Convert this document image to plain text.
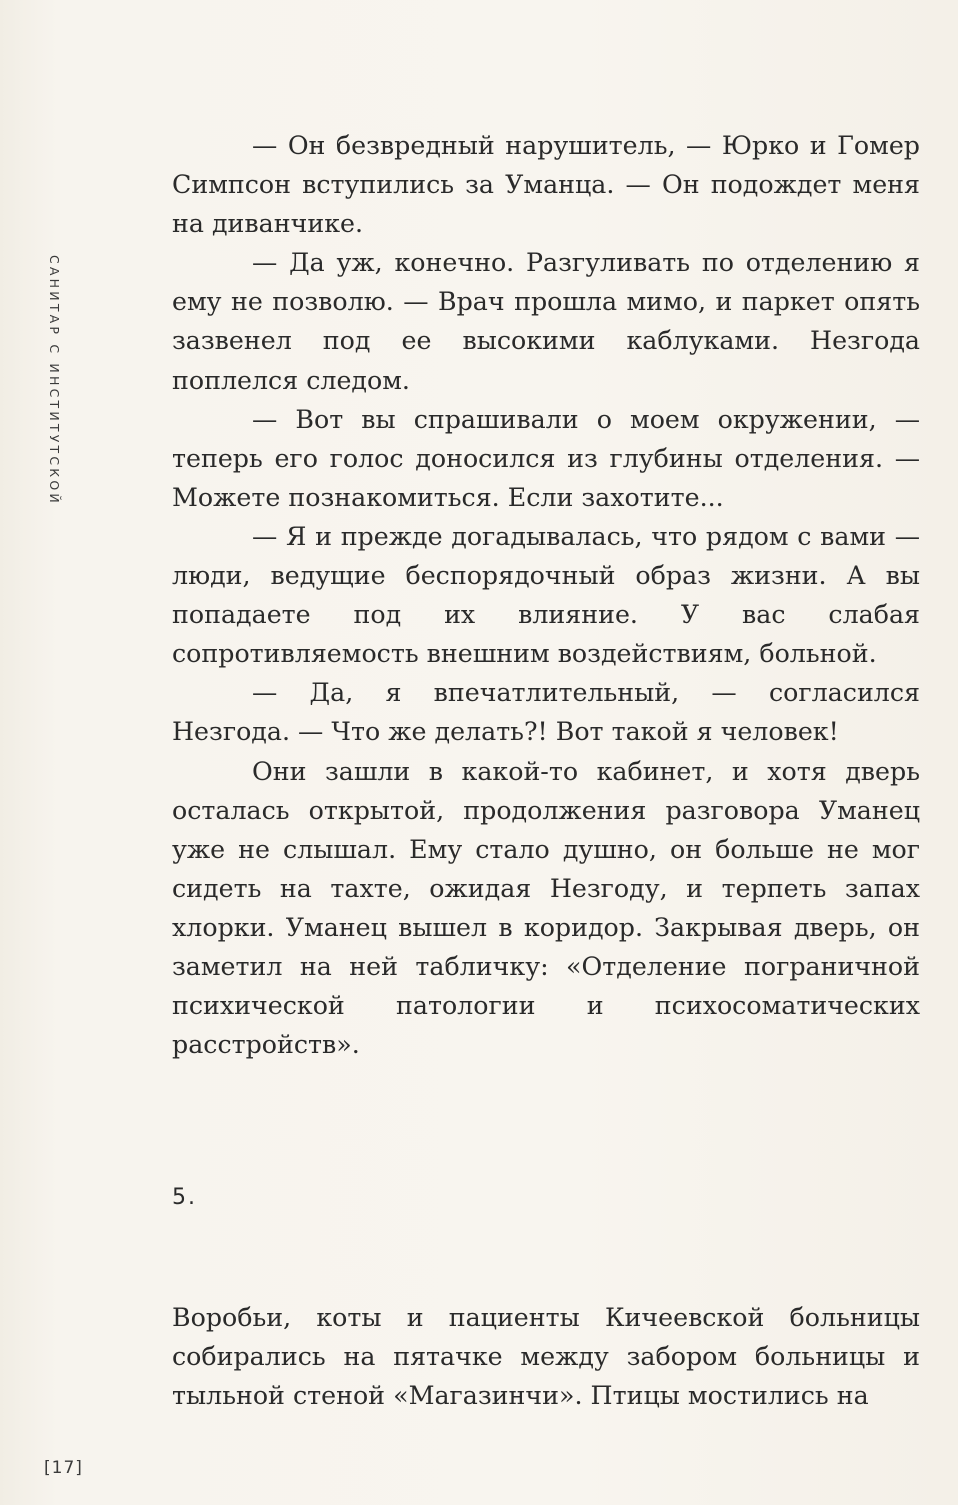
САНИТАР С ИНСТИТУТСКОЙ

— Он безвредный нарушитель, — Юрко и Гомер Симпсон вступились за Уманца. — Он подождет меня на диванчике.

— Да уж, конечно. Разгуливать по отделению я ему не позволю. — Врач прошла мимо, и паркет опять зазвенел под ее высокими каблуками. Незгода поплелся следом.

— Вот вы спрашивали о моем окружении, — теперь его голос доносился из глубины отделения. — Можете познакомиться. Если захотите...

— Я и прежде догадывалась, что рядом с вами — люди, ведущие беспорядочный образ жизни. А вы попадаете под их влияние. У вас слабая сопротивляемость внешним воздействиям, больной.

— Да, я впечатлительный, — согласился Незгода. — Что же делать?! Вот такой я человек!

Они зашли в какой-то кабинет, и хотя дверь осталась открытой, продолжения разговора Уманец уже не слышал. Ему стало душно, он больше не мог сидеть на тахте, ожидая Незгоду, и терпеть запах хлорки. Уманец вышел в коридор. Закрывая дверь, он заметил на ней табличку: «Отделение пограничной психической патологии и психосоматических расстройств».

5.

Воробьи, коты и пациенты Кичеевской больницы собирались на пятачке между забором больницы и тыльной стеной «Магазинчи». Птицы мостились на

[17]
